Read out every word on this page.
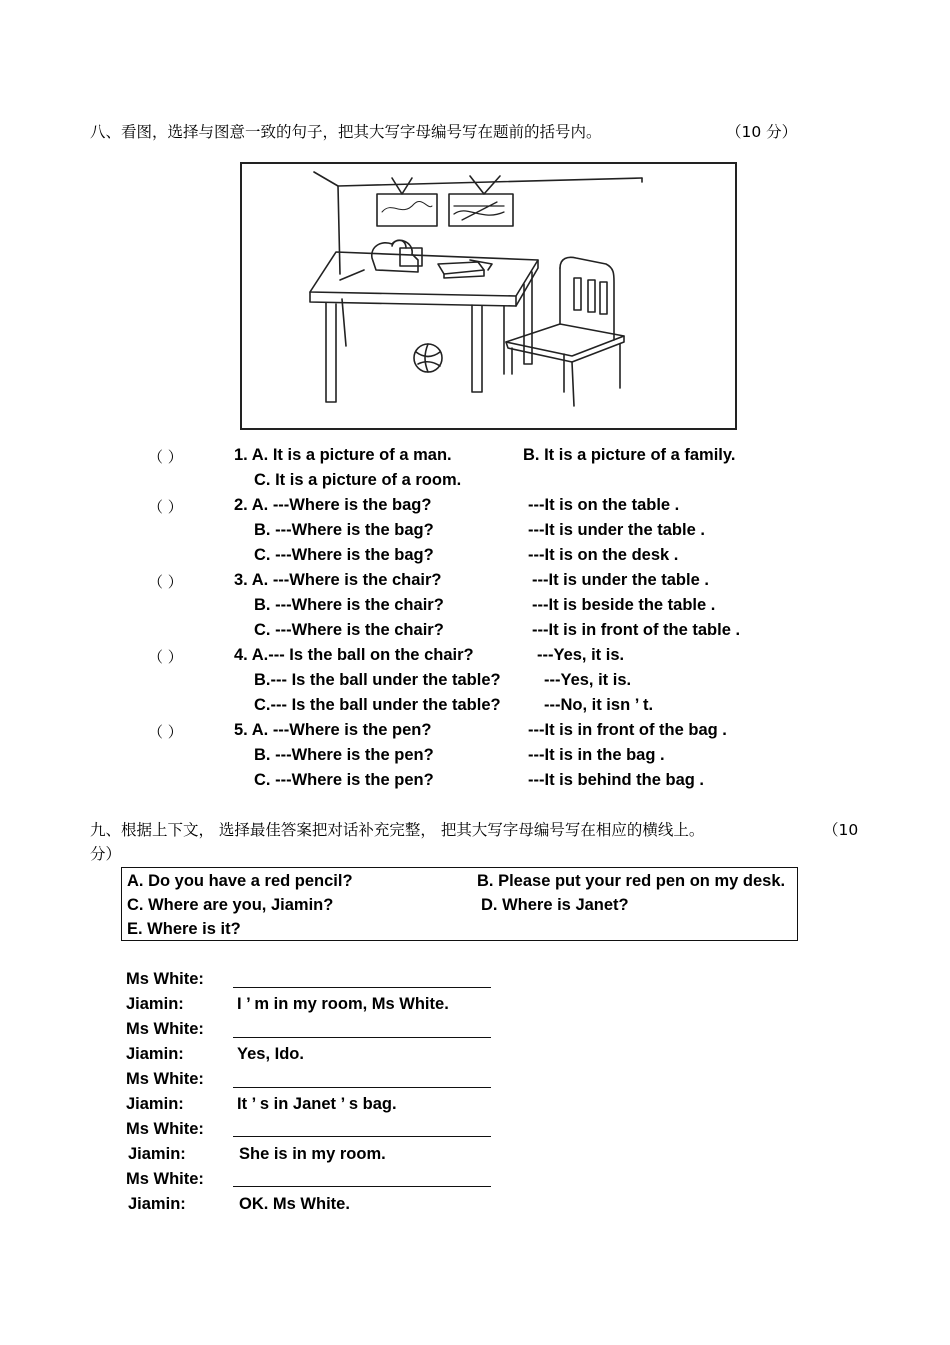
八、看图，选择与图意一致的句子，把其大写字母编号写在题前的括号内。	（10 分）
（ ）	1. A. It is a picture of a man.	B. It is a picture of a family.
C. It is a picture of a room.
（ ）	2. A. ---Where is the bag?	---It is on the table .
B. ---Where is the bag?	---It is under the table .
C. ---Where is the bag?	---It is on the desk .
（ ）	3. A. ---Where is the chair?	---It is under the table .
B. ---Where is the chair?	---It is beside the table .
C. ---Where is the chair?	---It is in front of the table .
（ ）	4. A.--- Is the ball on the chair?	---Yes, it is.
B.--- Is the ball under the table?	---Yes, it is.
C.--- Is the ball under the table?	---No, it isn ’ t.
（ ）	5. A. ---Where is the pen?	---It is in front of the bag .
B. ---Where is the pen?	---It is in the bag .
C. ---Where is the pen?	---It is behind the bag .
九、根据上下文， 选择最佳答案把对话补充完整， 把其大写字母编号写在相应的横线上。	（10
分）
A. Do you have a red pencil?	B. Please put your red pen on my desk.
C. Where are you, Jiamin?	D. Where is Janet?
E. Where is it?
Ms White:
Jiamin:	I ’ m in my room, Ms White.
Ms White:
Jiamin:	Yes, Ido.
Ms White:
Jiamin:	It ’ s in Janet ’ s bag.
Ms White:
Jiamin:	She is in my room.
Ms White:
Jiamin:	OK. Ms White.
